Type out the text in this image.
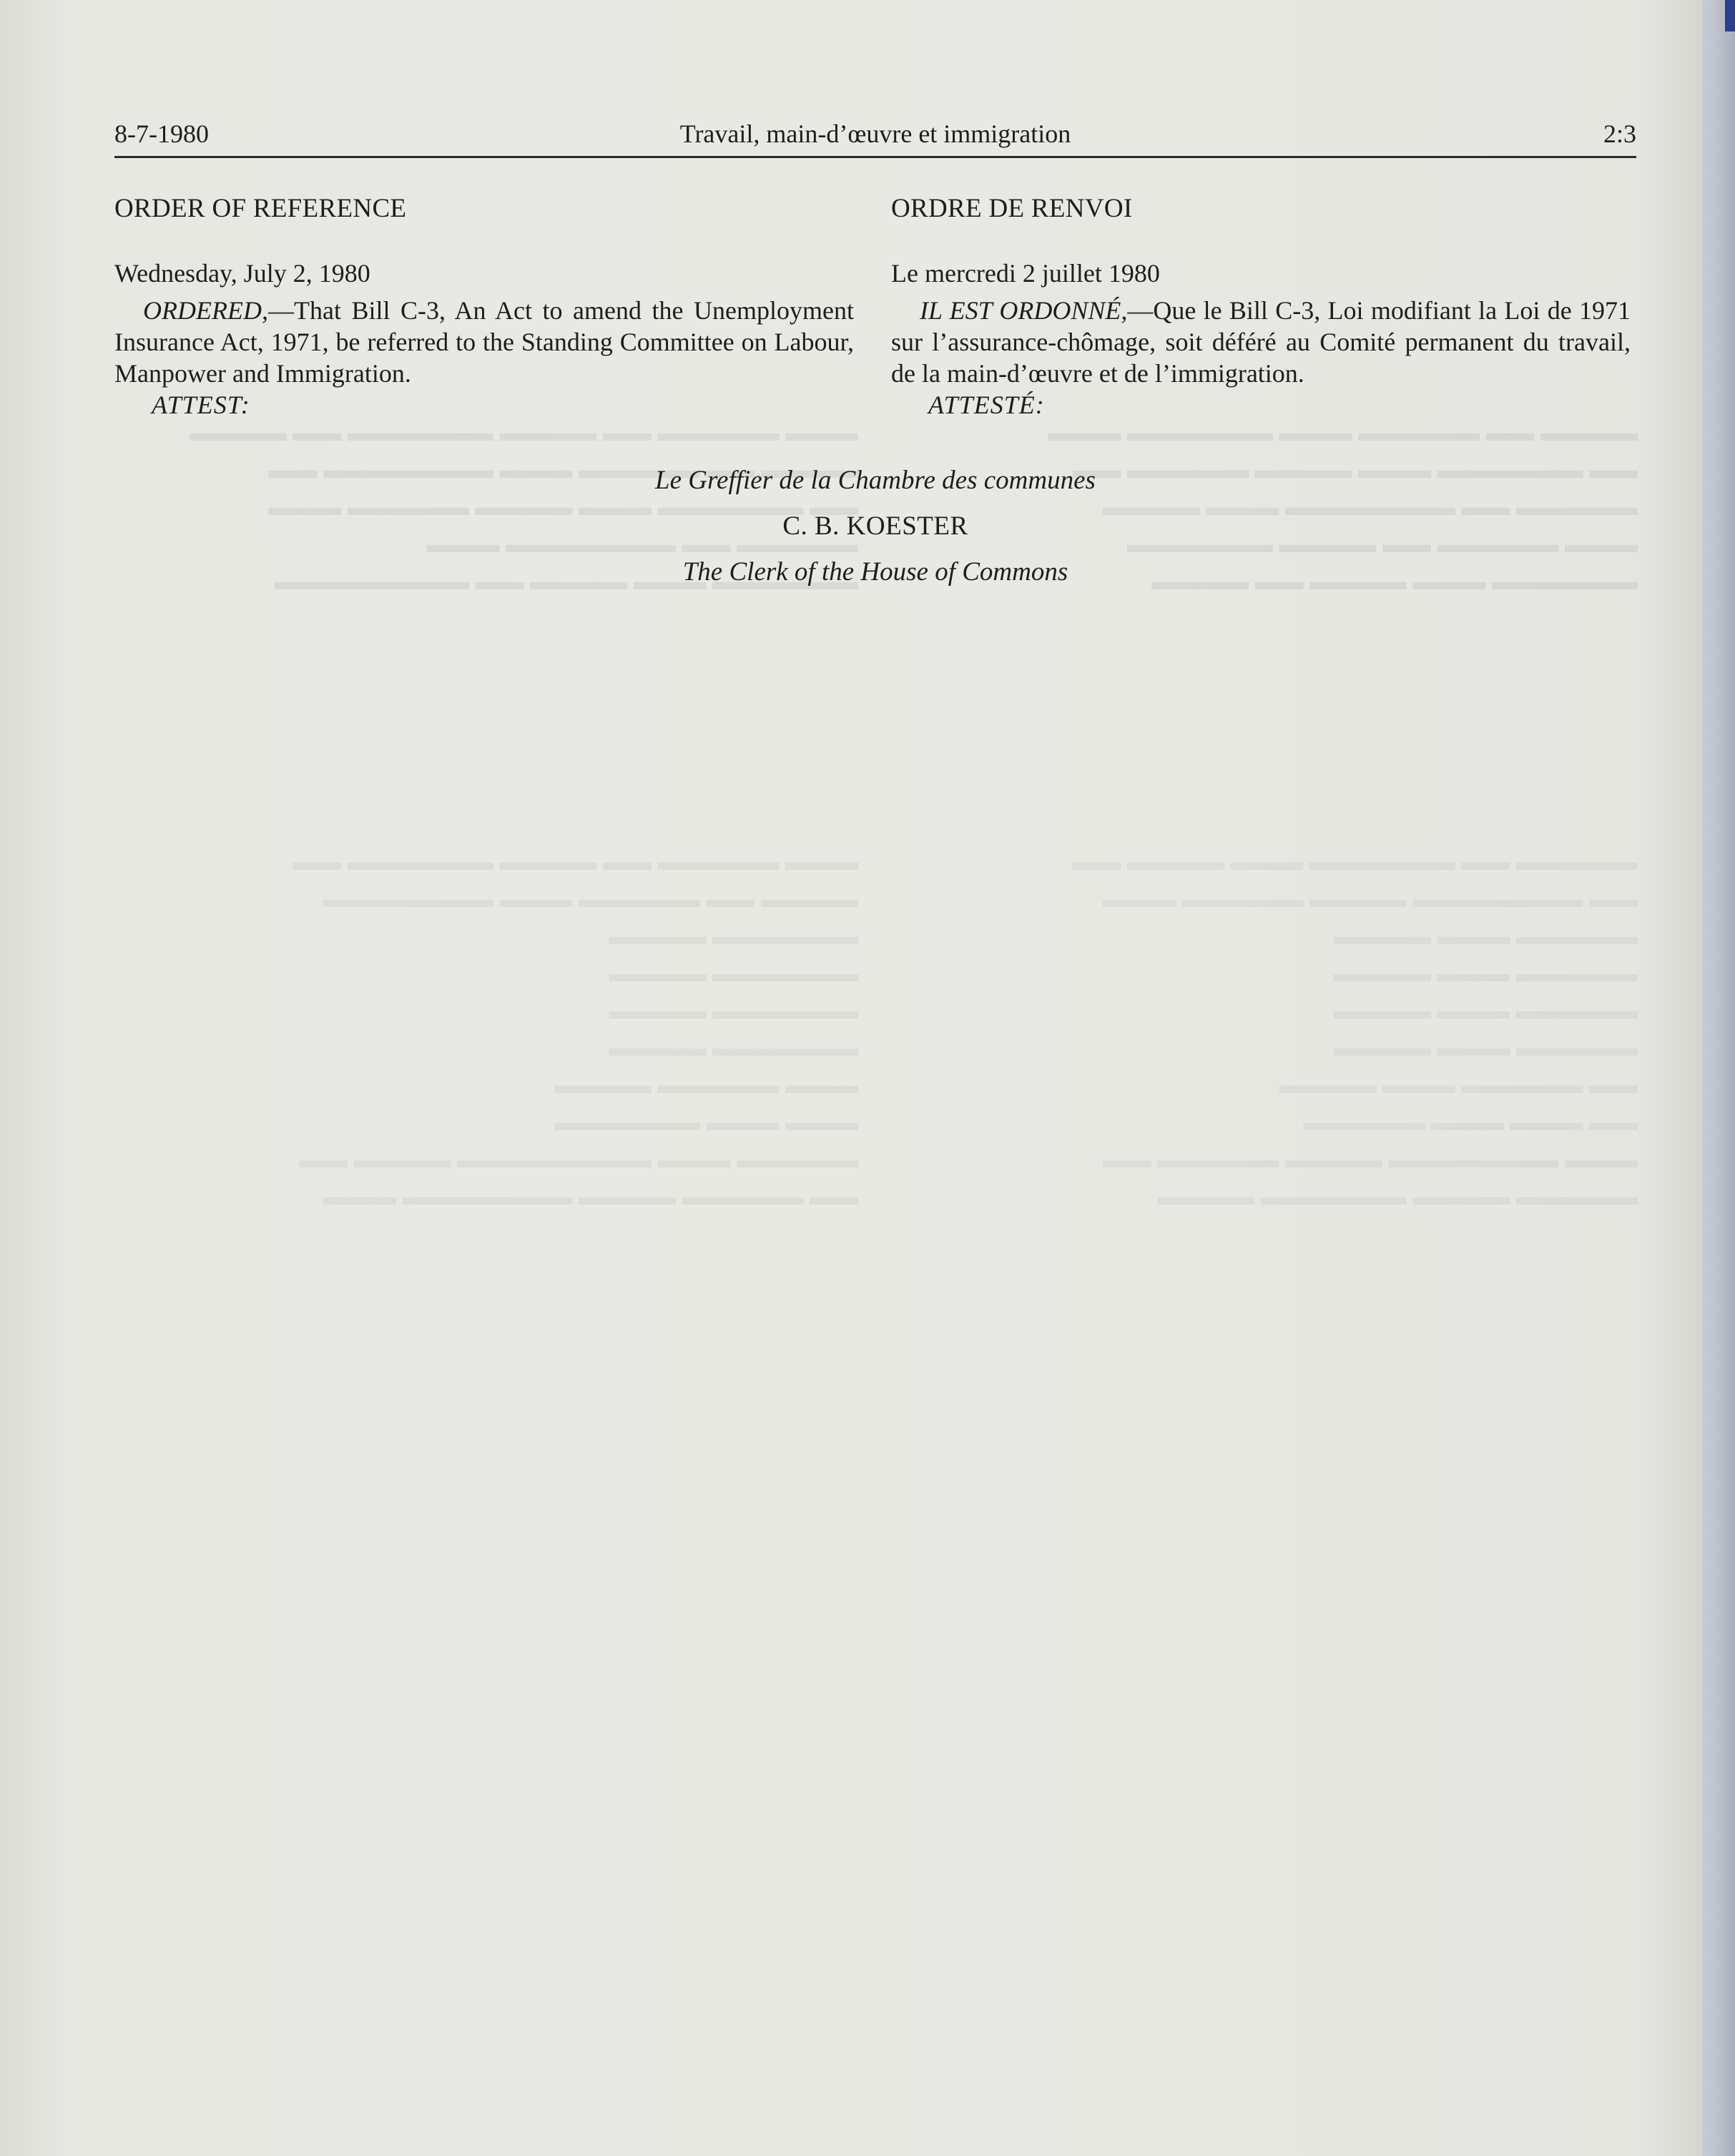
8-7-1980	Travail, main-d’œuvre et immigration	2:3

ORDER OF REFERENCE

Wednesday, July 2, 1980

ORDERED,—That Bill C-3, An Act to amend the Unemployment Insurance Act, 1971, be referred to the Standing Committee on Labour, Manpower and Immigration.

ATTEST:

ORDRE DE RENVOI

Le mercredi 2 juillet 1980

IL EST ORDONNÉ,—Que le Bill C-3, Loi modifiant la Loi de 1971 sur l’assurance-chômage, soit déféré au Comité permanent du travail, de la main-d’œuvre et de l’immigration.

ATTESTÉ:

Le Greffier de la Chambre des communes
C. B. KOESTER
The Clerk of the House of Commons
▬▬▬ ▬▬▬▬▬ ▬▬ ▬▬▬▬ ▬▬▬▬▬▬ ▬▬ ▬▬▬▬
▬▬▬▬ ▬▬ ▬▬▬▬▬ ▬▬▬ ▬▬▬▬▬▬▬ ▬▬
▬▬ ▬▬▬▬▬▬ ▬▬▬ ▬▬▬▬ ▬▬▬▬▬ ▬▬▬
▬▬▬▬▬ ▬▬ ▬▬▬▬▬▬▬ ▬▬▬
▬▬▬▬▬▬ ▬▬▬ ▬▬▬▬ ▬▬ ▬▬▬▬▬▬▬▬
▬▬▬▬ ▬▬ ▬▬▬▬▬ ▬▬▬ ▬▬▬▬▬▬ ▬▬▬
▬▬ ▬▬▬▬▬▬ ▬▬▬ ▬▬▬▬ ▬▬▬▬▬ ▬▬
▬▬▬▬▬ ▬▬ ▬▬▬▬▬▬▬ ▬▬▬ ▬▬▬▬
▬▬▬ ▬▬▬▬▬ ▬▬ ▬▬▬▬ ▬▬▬▬▬▬
▬▬▬▬▬▬ ▬▬▬ ▬▬▬▬ ▬▬ ▬▬▬▬
▬▬▬ ▬▬▬▬▬ ▬▬ ▬▬▬▬ ▬▬▬▬▬▬ ▬▬
▬▬▬▬ ▬▬ ▬▬▬▬▬ ▬▬▬ ▬▬▬▬▬▬▬
▬▬▬▬▬▬ ▬▬▬▬
▬▬▬▬▬▬ ▬▬▬▬
▬▬▬▬▬▬ ▬▬▬▬
▬▬▬▬▬▬ ▬▬▬▬
▬▬▬ ▬▬▬▬▬ ▬▬▬▬
▬▬▬ ▬▬▬ ▬▬▬▬▬▬
▬▬▬▬▬ ▬▬▬ ▬▬▬▬▬▬▬▬ ▬▬▬▬ ▬▬
▬▬ ▬▬▬▬▬ ▬▬▬▬ ▬▬▬▬▬▬▬ ▬▬▬
▬▬▬▬▬ ▬▬ ▬▬▬▬▬▬ ▬▬▬ ▬▬▬▬ ▬▬
▬▬ ▬▬▬▬▬▬▬ ▬▬▬▬ ▬▬▬▬▬ ▬▬▬
▬▬▬▬▬ ▬▬▬ ▬▬▬▬
▬▬▬▬▬ ▬▬▬ ▬▬▬▬
▬▬▬▬▬ ▬▬▬ ▬▬▬▬
▬▬▬▬▬ ▬▬▬ ▬▬▬▬
▬▬ ▬▬▬▬▬ ▬▬▬ ▬▬▬▬
▬▬ ▬▬▬ ▬▬▬ ▬▬▬▬▬
▬▬▬ ▬▬▬▬▬▬▬ ▬▬▬▬ ▬▬▬▬▬ ▬▬
▬▬▬▬▬ ▬▬▬▬ ▬▬▬▬▬▬ ▬▬▬▬
